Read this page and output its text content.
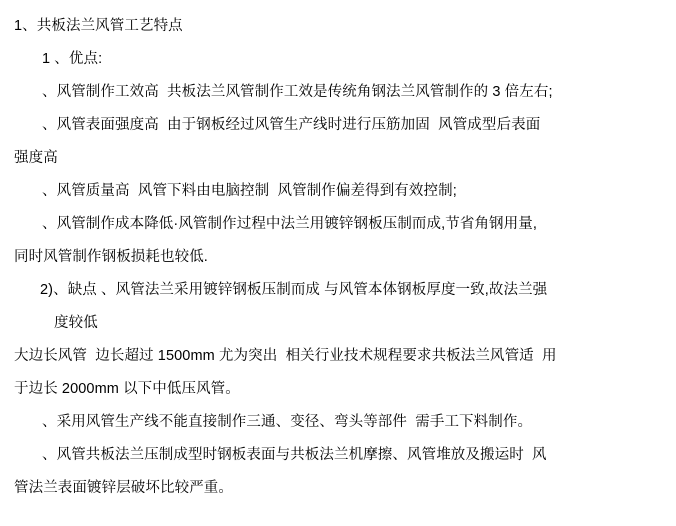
1、共板法兰风管工艺特点
1 、优点:
、风管制作工效高  共板法兰风管制作工效是传统角钢法兰风管制作的 3 倍左右;
、风管表面强度高  由于钢板经过风管生产线时进行压筋加固  风管成型后表面
强度高
、风管质量高  风管下料由电脑控制  风管制作偏差得到有效控制;
、风管制作成本降低·风管制作过程中法兰用镀锌钢板压制而成,节省角钢用量,
同时风管制作钢板损耗也较低.
2)、缺点 、风管法兰采用镀锌钢板压制而成 与风管本体钢板厚度一致,故法兰强
度较低
大边长风管  边长超过 1500mm 尤为突出  相关行业技术规程要求共板法兰风管适  用
于边长 2000mm 以下中低压风管。
、采用风管生产线不能直接制作三通、变径、弯头等部件  需手工下料制作。
、风管共板法兰压制成型时钢板表面与共板法兰机摩擦、风管堆放及搬运时  风
管法兰表面镀锌层破坏比较严重。
